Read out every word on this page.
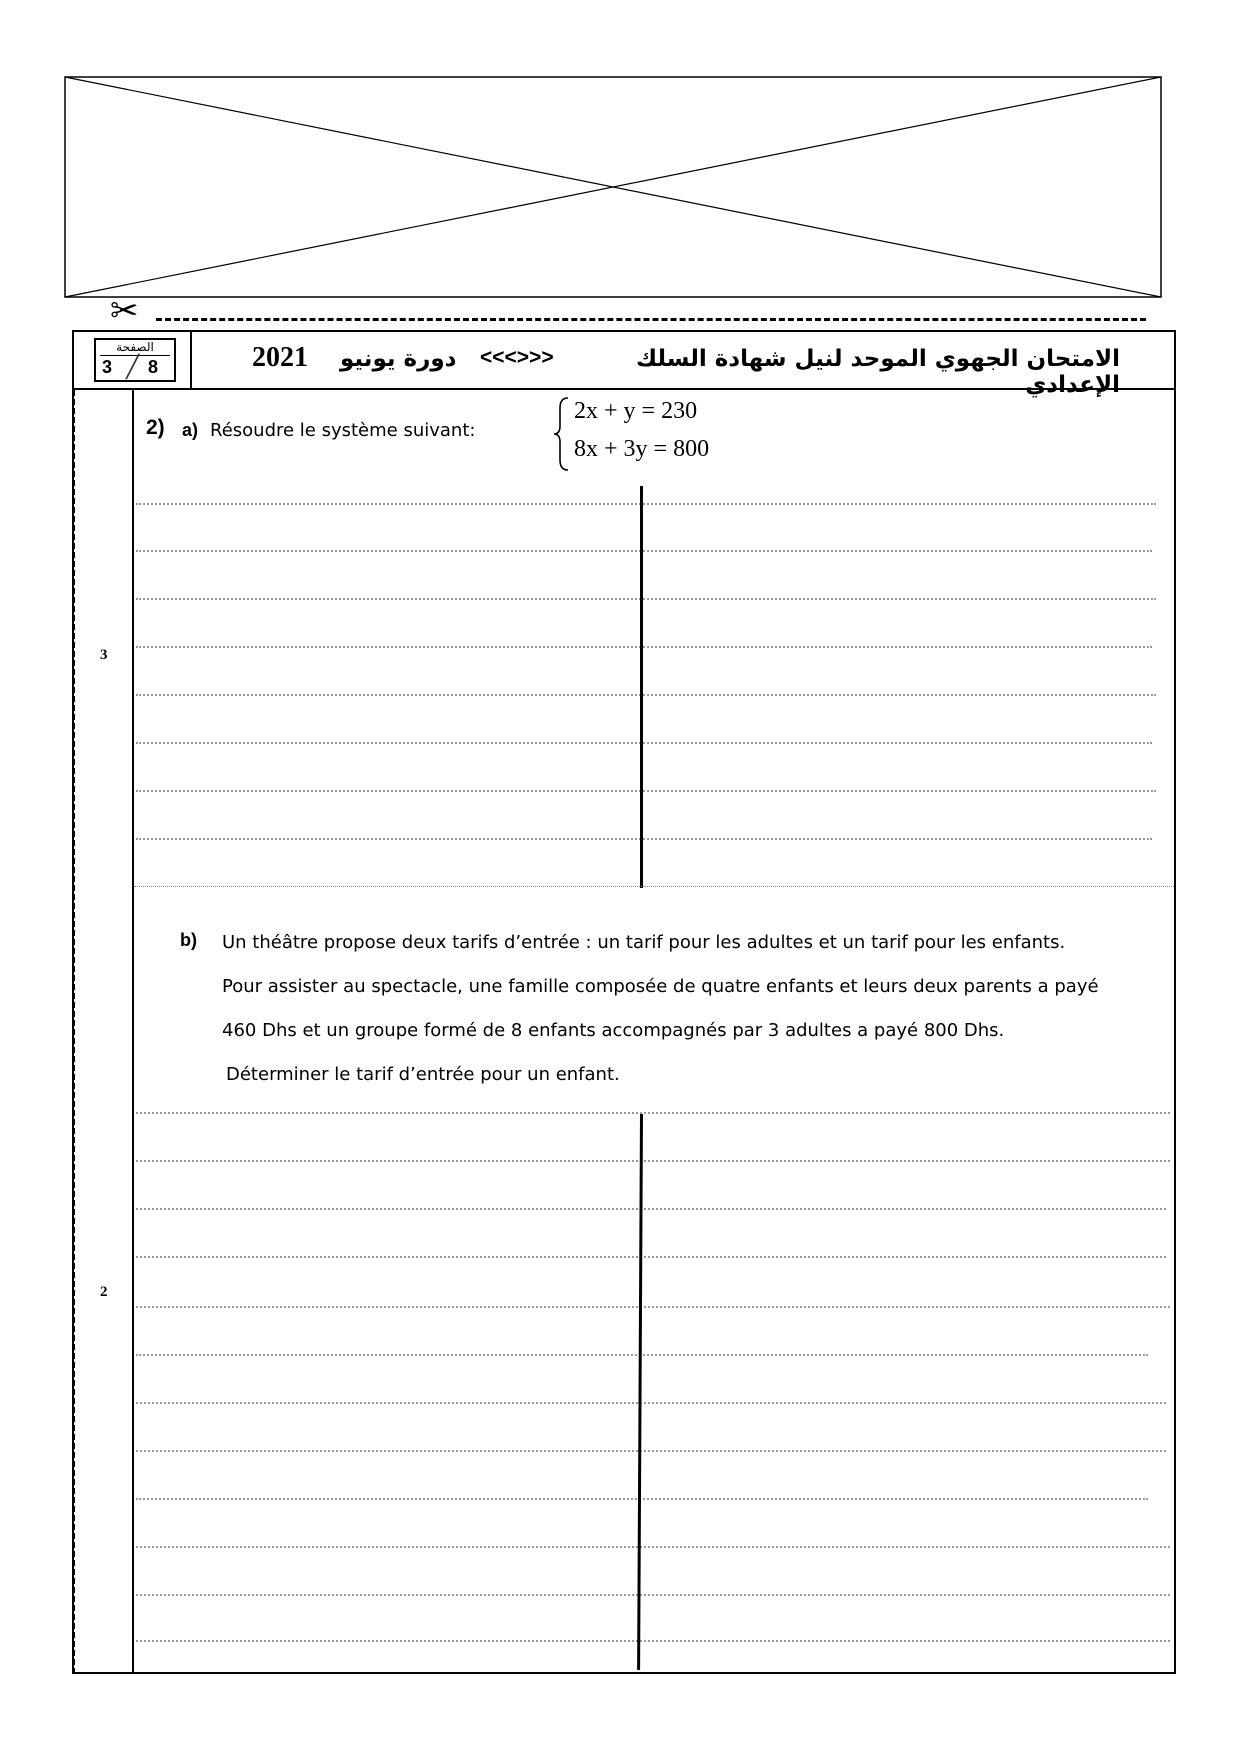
✂
الصفحة
3 ╱ 8	2021 دورة يونيو <<<>>>	الامتحان الجهوي الموحد لنيل شهادة السلك الإعدادي
3
2
2) a) Résoudre le système suivant:
2x + y = 230
8x + 3y = 800
b) Un théâtre propose deux tarifs d’entrée : un tarif pour les adultes et un tarif pour les enfants.
Pour assister au spectacle, une famille composée de quatre enfants et leurs deux parents a payé
460 Dhs et un groupe formé de 8 enfants accompagnés par 3 adultes a payé 800 Dhs.
Déterminer le tarif d’entrée pour un enfant.
